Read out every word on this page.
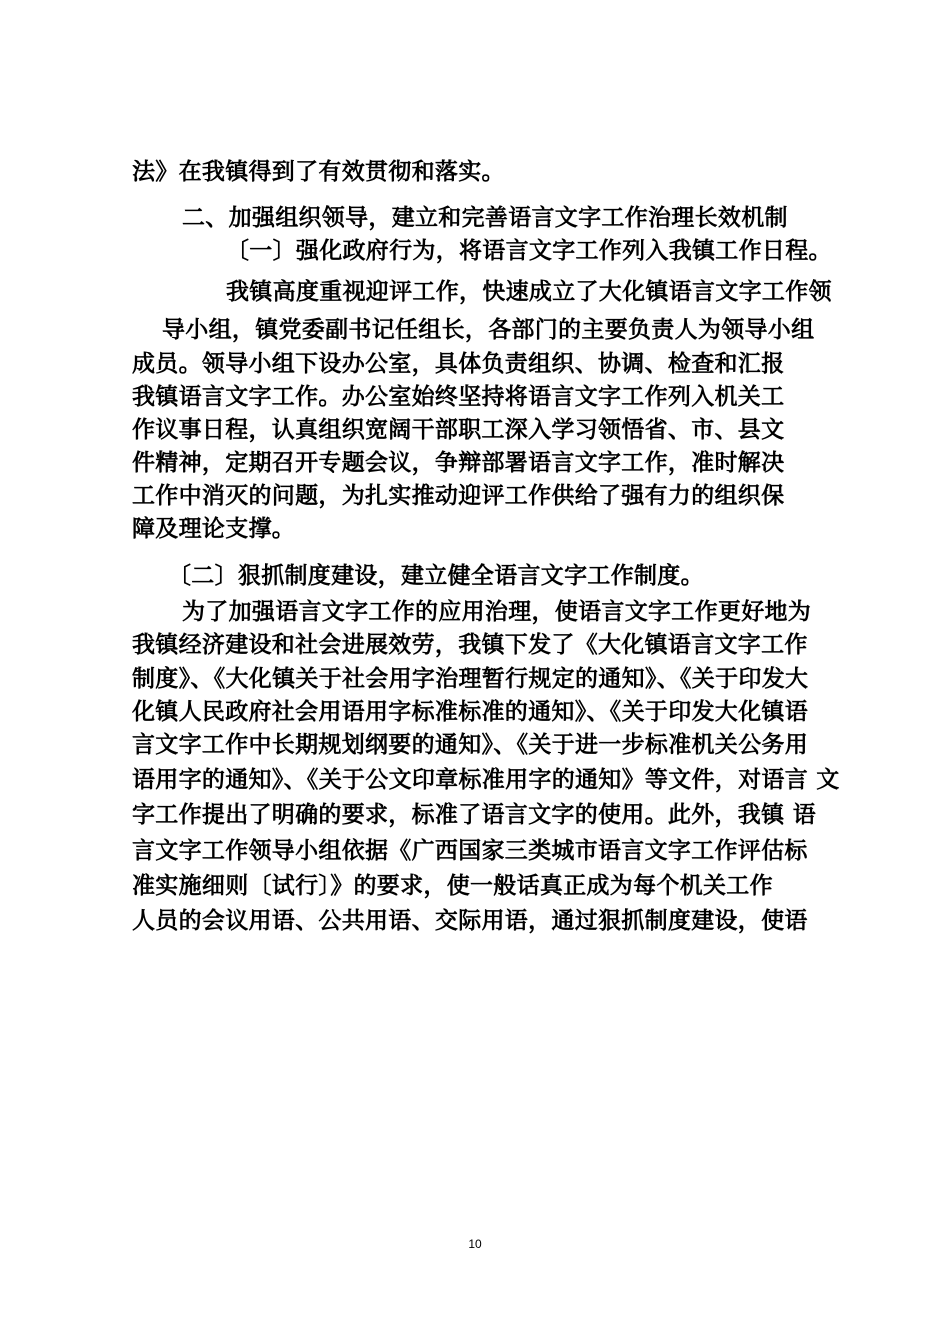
法》在我镇得到了有效贯彻和落实。
二、加强组织领导，建立和完善语言文字工作治理长效机制
〔一〕强化政府行为，将语言文字工作列入我镇工作日程。
我镇高度重视迎评工作，快速成立了大化镇语言文字工作领
导小组，镇党委副书记任组长，各部门的主要负责人为领导小组
成员。领导小组下设办公室，具体负责组织、协调、检查和汇报
我镇语言文字工作。办公室始终坚持将语言文字工作列入机关工
作议事日程，认真组织宽阔干部职工深入学习领悟省、市、县文
件精神，定期召开专题会议，争辩部署语言文字工作，准时解决
工作中消灭的问题，为扎实推动迎评工作供给了强有力的组织保
障及理论支撑。
〔二〕狠抓制度建设，建立健全语言文字工作制度。
为了加强语言文字工作的应用治理，使语言文字工作更好地为
我镇经济建设和社会进展效劳，我镇下发了《大化镇语言文字工作
制度》、《大化镇关于社会用字治理暂行规定的通知》、《关于印发大
化镇人民政府社会用语用字标准标准的通知》、《关于印发大化镇语
言文字工作中长期规划纲要的通知》、《关于进一步标准机关公务用
语用字的通知》、《关于公文印章标准用字的通知》等文件，对语言 文
字工作提出了明确的要求，标准了语言文字的使用。此外，我镇 语
言文字工作领导小组依据《广西国家三类城市语言文字工作评估标
准实施细则〔试行〕》的要求，使一般话真正成为每个机关工作
人员的会议用语、公共用语、交际用语，通过狠抓制度建设，使语
10
